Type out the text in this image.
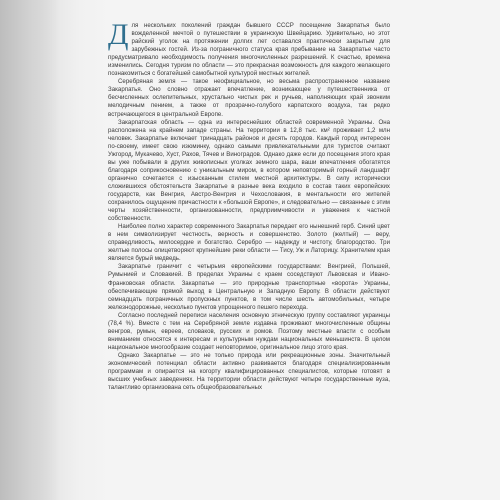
Для нескольких поколений граждан бывшего СССР посещение Закарпатья было вожделенной мечтой о путешествии в украинскую Швейцарию. Удивительно, но этот райский уголок на протяжении долгих лет оставался практически закрытым для зарубежных гостей. Из-за пограничного статуса края пребывание на Закарпатье часто предусматривало необходимость получения многочисленных разрешений. К счастью, времена изменились. Сегодня туризм по области — это прекрасная возможность для каждого желающего познакомиться с богатейшей самобытной культурой местных жителей.

Серебряная земля — такое неофициальное, но весьма распространенное название Закарпатья. Оно словно отражает впечатление, возникающее у путешественника от бесчисленных ослепительных, хрустально чистых рек и ручьев, наполняющих край звонким мелодичным пением, а также от прозрачно-голубого карпатского воздуха, так редко встречающегося в центральной Европе.

Закарпатская область — одна из интереснейших областей современной Украины. Она расположена на крайнем западе страны. На территории в 12,8 тыс. км² проживает 1,2 млн человек. Закарпатье включает тринадцать районов и десять городов. Каждый город интересен по-своему, имеет свою изюминку, однако самыми привлекательными для туристов считают Ужгород, Мукачево, Хуст, Рахов, Тячев и Виноградов. Однако даже если до посещения этого края вы уже побывали в других живописных уголках земного шара, ваши впечатления обогатятся благодаря соприкосновению с уникальным миром, в котором неповторимый горный ландшафт органично сочетается с изысканным стилем местной архитектуры. В силу исторически сложившихся обстоятельств Закарпатье в разные века входило в состав таких европейских государств, как Венгрия, Австро-Венгрия и Чехословакия, в ментальности его жителей сохранилось ощущение причастности к «большой Европе», и следовательно — связанные с этим черты хозяйственности, организованности, предприимчивости и уважения к частной собственности.

Наиболее полно характер современного Закарпатья передает его нынешний герб. Синий цвет в нем символизирует честность, верность и совершенство. Золото (желтый) — веру, справедливость, милосердие и богатство. Серебро — надежду и чистоту, благородство. Три желтые полосы олицетворяют крупнейшие реки области — Тису, Уж и Латорицу. Хранителем края является бурый медведь.

Закарпатье граничит с четырьмя европейскими государствами: Венгрией, Польшей, Румынией и Словакией. В пределах Украины с краем соседствуют Львовская и Ивано-Франковская области. Закарпатье — это природные транспортные «ворота» Украины, обеспечивающие прямой выход в Центральную и Западную Европу. В области действуют семнадцать пограничных пропускных пунктов, в том числе шесть автомобильных, четыре железнодорожные, несколько пунктов упрощенного пешего перехода.

Согласно последней переписи населения основную этническую группу составляют украинцы (78,4 %). Вместе с тем на Серебряной земле издавна проживают многочисленные общины венгров, румын, евреев, словаков, русских и ромов. Поэтому местные власти с особым вниманием относятся к интересам и культурным нуждам национальных меньшинств. В целом национальное многообразие создает неповторимое, оригинальное лицо этого края.

Однако Закарпатье — это не только природа или рекреационные зоны. Значительный экономический потенциал области активно развивается благодаря специализированным программам и опирается на когорту квалифицированных специалистов, которые готовят в высших учебных заведениях. На территории области действуют четыре государственные вуза, талантливо организована сеть общеобразовательных
